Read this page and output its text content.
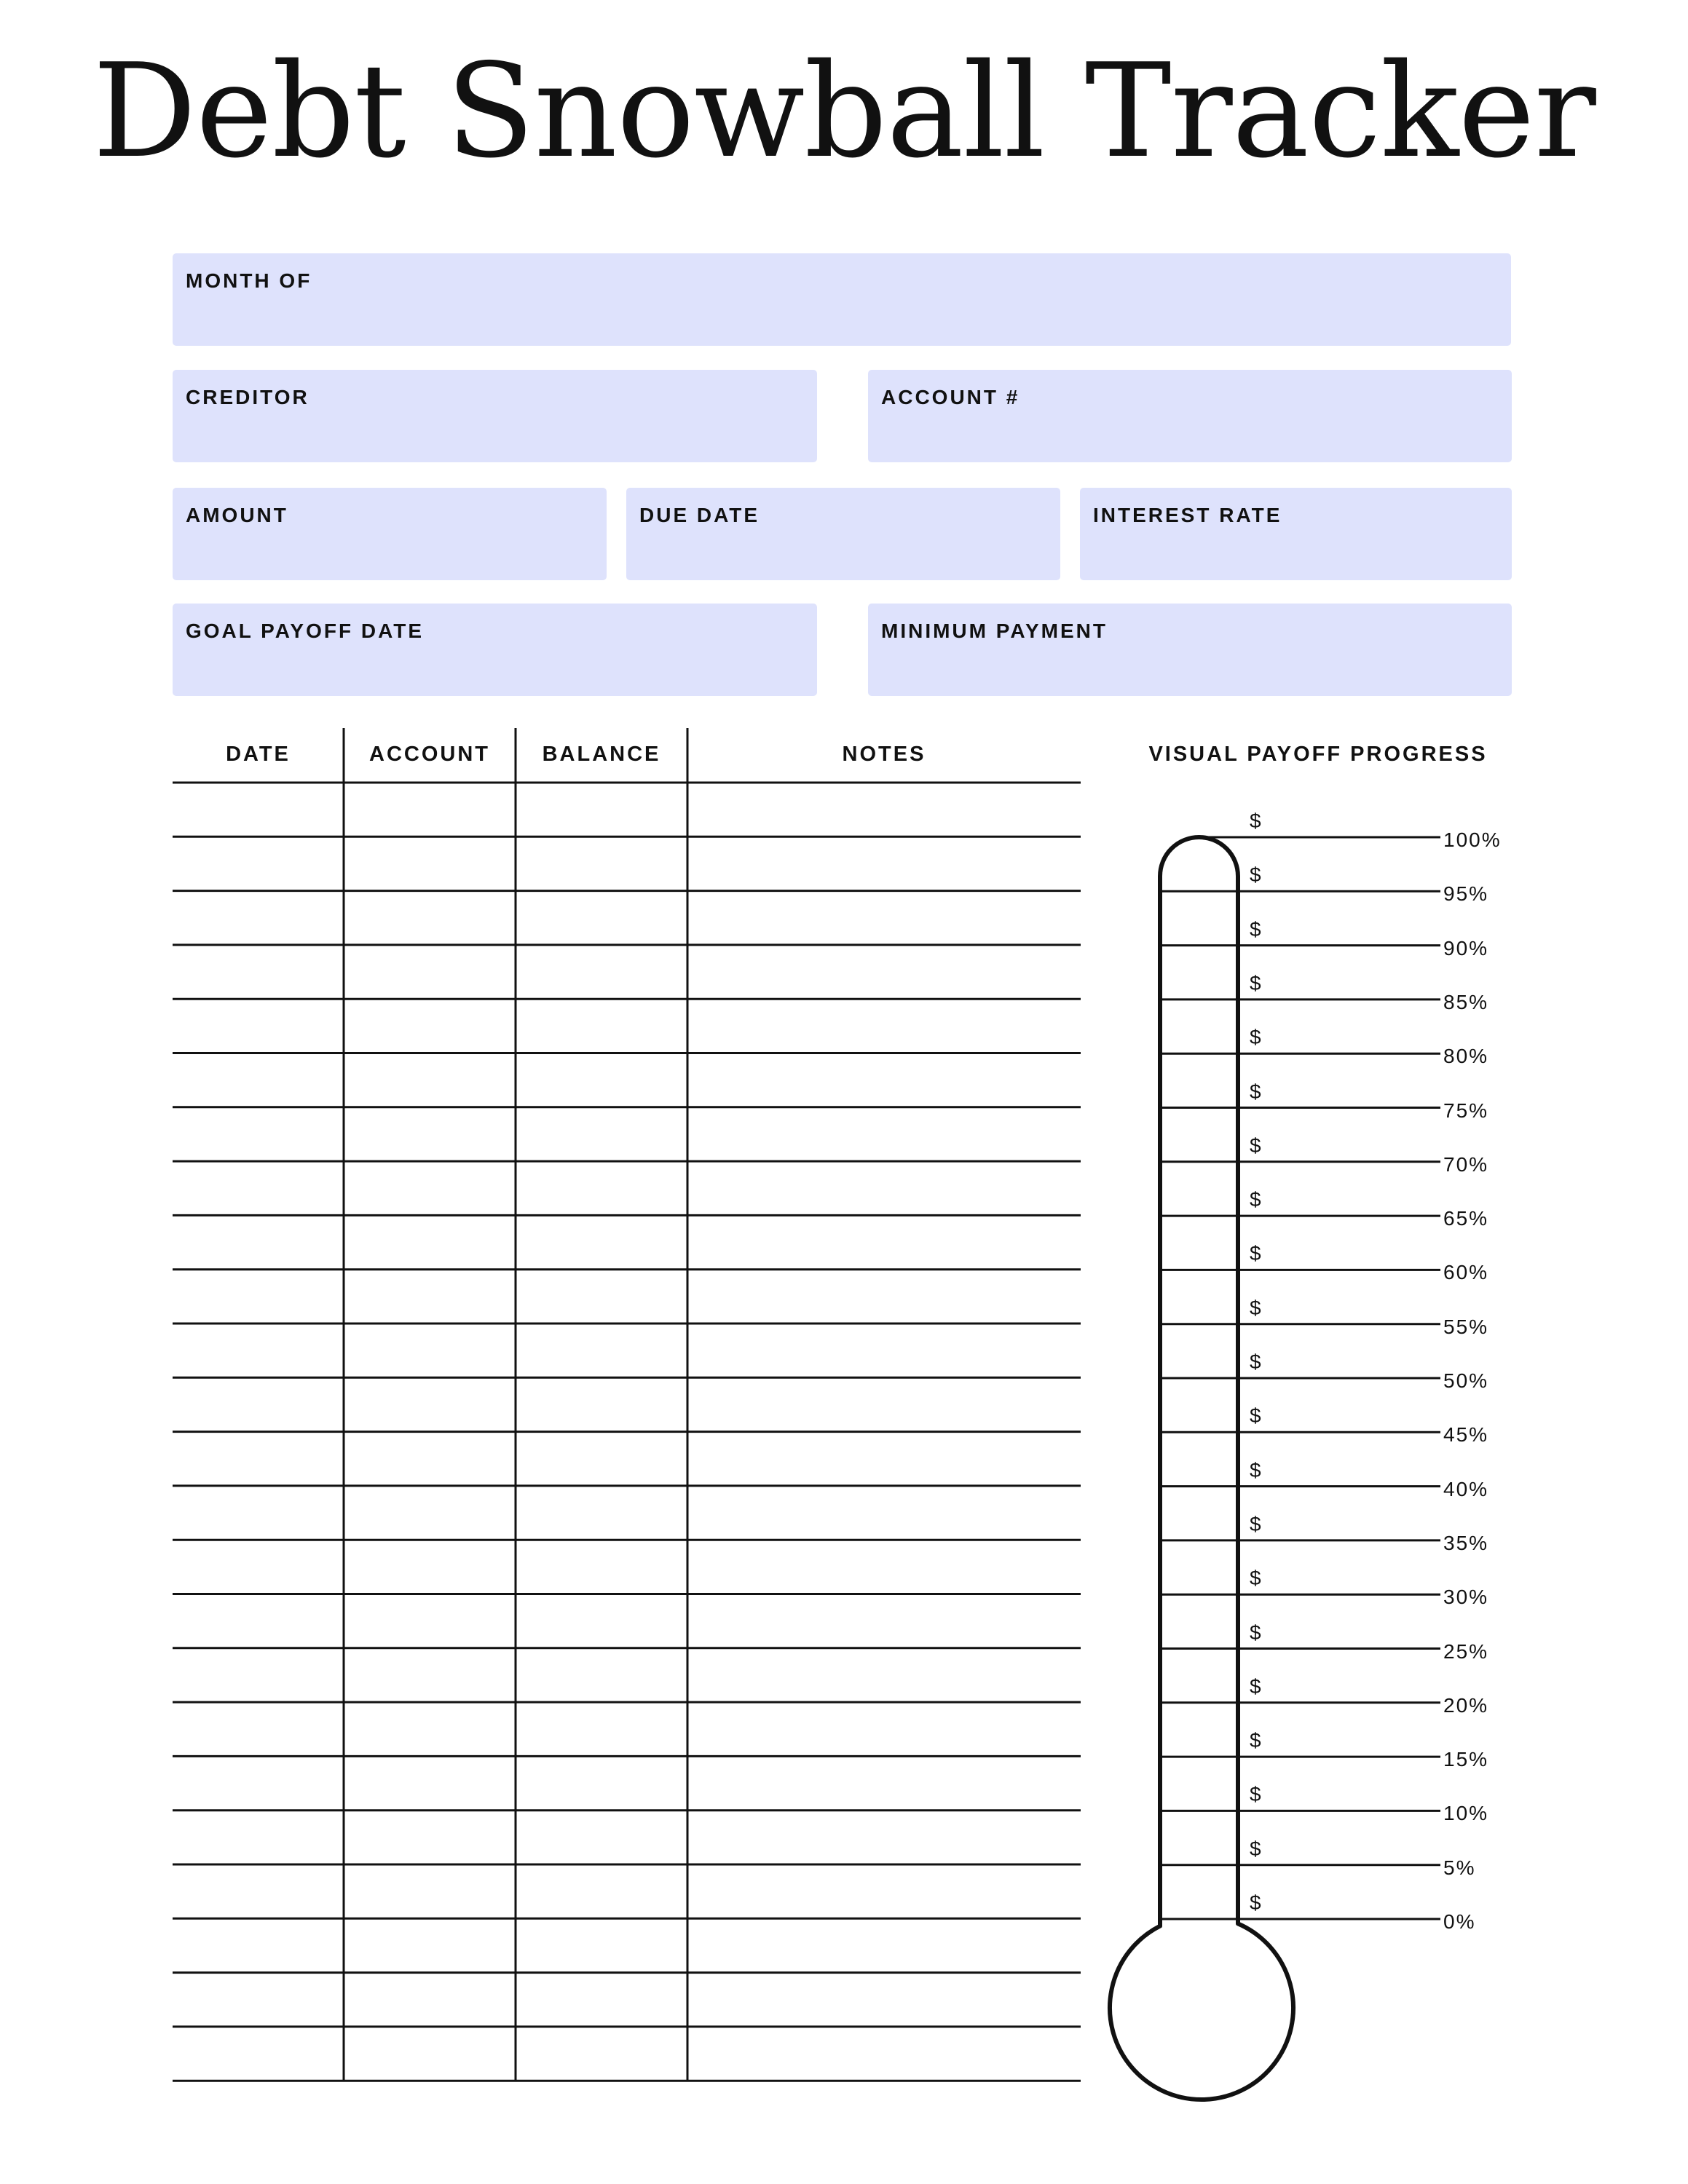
Debt Snowball Tracker
MONTH OF
CREDITOR	ACCOUNT #
AMOUNT	DUE DATE	INTEREST RATE
GOAL PAYOFF DATE	MINIMUM PAYMENT
DATE	ACCOUNT	BALANCE	NOTES	VISUAL PAYOFF PROGRESS
100%
$
95%
$
90%
$
85%
$
80%
$
75%
$
70%
$
65%
$
60%
$
55%
$
50%
$
45%
$
40%
$
35%
$
30%
$
25%
$
20%
$
15%
$
10%
$
5%
$
0%
$
